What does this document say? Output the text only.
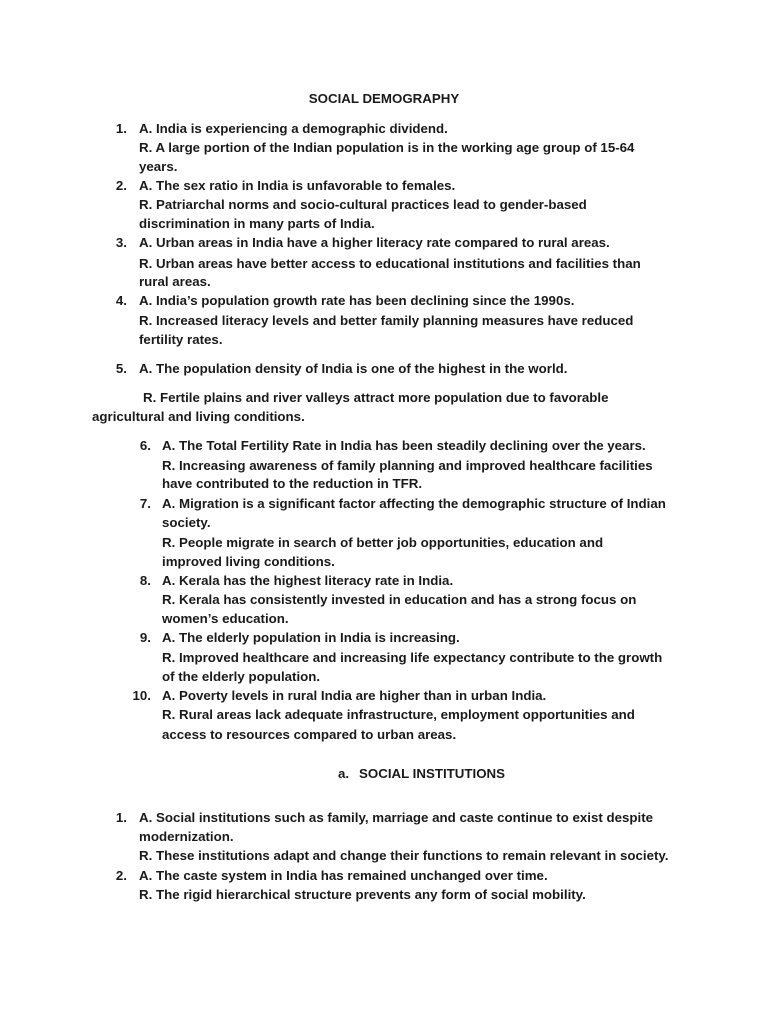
SOCIAL DEMOGRAPHY
1. A. India is experiencing a demographic dividend.
R. A large portion of the Indian population is in the working age group of 15-64
years.
2. A. The sex ratio in India is unfavorable to females.
R. Patriarchal norms and socio-cultural practices lead to gender-based
discrimination in many parts of India.
3. A. Urban areas in India have a higher literacy rate compared to rural areas.
R. Urban areas have better access to educational institutions and facilities than
rural areas.
4. A. India’s population growth rate has been declining since the 1990s.
R. Increased literacy levels and better family planning measures have reduced
fertility rates.
5. A. The population density of India is one of the highest in the world.
R. Fertile plains and river valleys attract more population due to favorable
agricultural and living conditions.
6. A. The Total Fertility Rate in India has been steadily declining over the years.
R. Increasing awareness of family planning and improved healthcare facilities
have contributed to the reduction in TFR.
7. A. Migration is a significant factor affecting the demographic structure of Indian
society.
R. People migrate in search of better job opportunities, education and
improved living conditions.
8. A. Kerala has the highest literacy rate in India.
R. Kerala has consistently invested in education and has a strong focus on
women’s education.
9. A. The elderly population in India is increasing.
R. Improved healthcare and increasing life expectancy contribute to the growth
of the elderly population.
10. A. Poverty levels in rural India are higher than in urban India.
R. Rural areas lack adequate infrastructure, employment opportunities and
access to resources compared to urban areas.
a. SOCIAL INSTITUTIONS
1. A. Social institutions such as family, marriage and caste continue to exist despite
modernization.
R. These institutions adapt and change their functions to remain relevant in society.
2. A. The caste system in India has remained unchanged over time.
R. The rigid hierarchical structure prevents any form of social mobility.
